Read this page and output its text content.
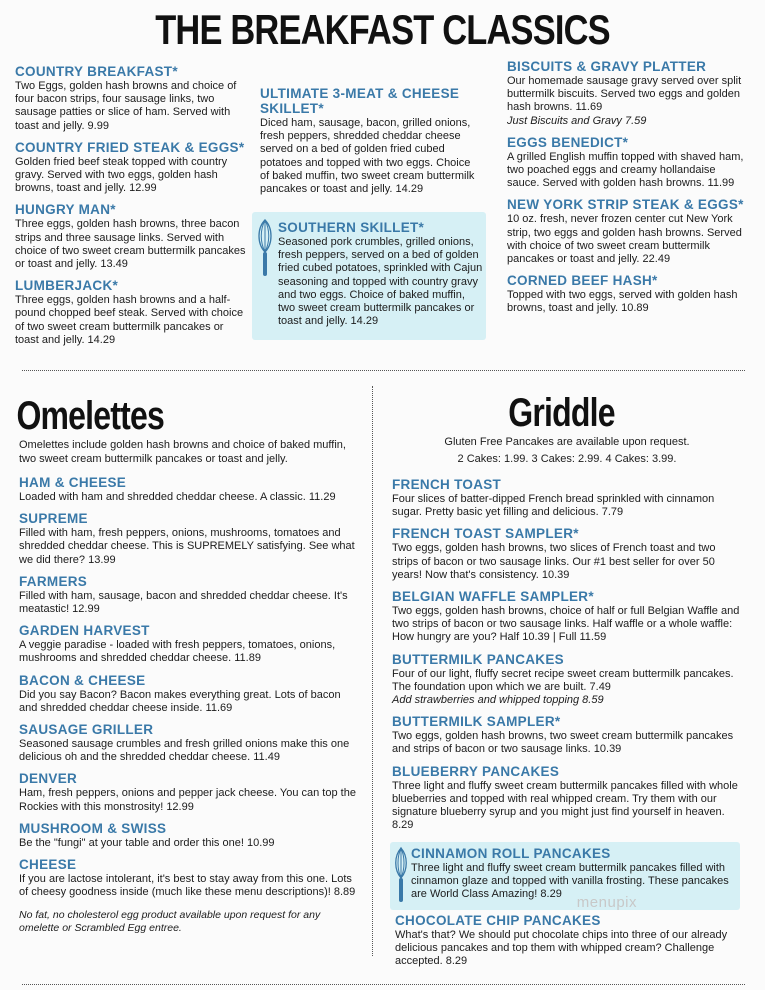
THE BREAKFAST CLASSICS
COUNTRY BREAKFAST*
Two Eggs, golden hash browns and choice of four bacon strips, four sausage links, two sausage patties or slice of ham. Served with toast and jelly. 9.99
COUNTRY FRIED STEAK & EGGS*
Golden fried beef steak topped with country gravy. Served with two eggs, golden hash browns, toast and jelly. 12.99
HUNGRY MAN*
Three eggs, golden hash browns, three bacon strips and three sausage links. Served with choice of two sweet cream buttermilk pancakes or toast and jelly. 13.49
LUMBERJACK*
Three eggs, golden hash browns and a half-pound chopped beef steak. Served with choice of two sweet cream buttermilk pancakes or toast and jelly. 14.29
ULTIMATE 3-MEAT & CHEESE SKILLET*
Diced ham, sausage, bacon, grilled onions, fresh peppers, shredded cheddar cheese served on a bed of golden fried cubed potatoes and topped with two eggs. Choice of baked muffin, two sweet cream buttermilk pancakes or toast and jelly. 14.29
SOUTHERN SKILLET*
Seasoned pork crumbles, grilled onions, fresh peppers, served on a bed of golden fried cubed potatoes, sprinkled with Cajun seasoning and topped with country gravy and two eggs. Choice of baked muffin, two sweet cream buttermilk pancakes or toast and jelly. 14.29
BISCUITS & GRAVY PLATTER
Our homemade sausage gravy served over split buttermilk biscuits. Served two eggs and golden hash browns. 11.69
Just Biscuits and Gravy 7.59
EGGS BENEDICT*
A grilled English muffin topped with shaved ham, two poached eggs and creamy hollandaise sauce. Served with golden hash browns. 11.99
NEW YORK STRIP STEAK & EGGS*
10 oz. fresh, never frozen center cut New York strip, two eggs and golden hash browns. Served with choice of two sweet cream buttermilk pancakes or toast and jelly. 22.49
CORNED BEEF HASH*
Topped with two eggs, served with golden hash browns, toast and jelly. 10.89
Omelettes
Omelettes include golden hash browns and choice of baked muffin, two sweet cream buttermilk pancakes or toast and jelly.
HAM & CHEESE
Loaded with ham and shredded cheddar cheese. A classic. 11.29
SUPREME
Filled with ham, fresh peppers, onions, mushrooms, tomatoes and shredded cheddar cheese. This is SUPREMELY satisfying. See what we did there? 13.99
FARMERS
Filled with ham, sausage, bacon and shredded cheddar cheese. It's meatastic! 12.99
GARDEN HARVEST
A veggie paradise - loaded with fresh peppers, tomatoes, onions, mushrooms and shredded cheddar cheese. 11.89
BACON & CHEESE
Did you say Bacon? Bacon makes everything great. Lots of bacon and shredded cheddar cheese inside. 11.69
SAUSAGE GRILLER
Seasoned sausage crumbles and fresh grilled onions make this one delicious oh and the shredded cheddar cheese. 11.49
DENVER
Ham, fresh peppers, onions and pepper jack cheese. You can top the Rockies with this monstrosity! 12.99
MUSHROOM & SWISS
Be the "fungi" at your table and order this one! 10.99
CHEESE
If you are lactose intolerant, it's best to stay away from this one. Lots of cheesy goodness inside (much like these menu descriptions)! 8.89
No fat, no cholesterol egg product available upon request for any omelette or Scrambled Egg entree.
Griddle
Gluten Free Pancakes are available upon request.
2 Cakes: 1.99. 3 Cakes: 2.99. 4 Cakes: 3.99.
FRENCH TOAST
Four slices of batter-dipped French bread sprinkled with cinnamon sugar. Pretty basic yet filling and delicious. 7.79
FRENCH TOAST SAMPLER*
Two eggs, golden hash browns, two slices of French toast and two strips of bacon or two sausage links. Our #1 best seller for over 50 years! Now that's consistency. 10.39
BELGIAN WAFFLE SAMPLER*
Two eggs, golden hash browns, choice of half or full Belgian Waffle and two strips of bacon or two sausage links. Half waffle or a whole waffle: How hungry are you? Half 10.39 | Full 11.59
BUTTERMILK PANCAKES
Four of our light, fluffy secret recipe sweet cream buttermilk pancakes. The foundation upon which we are built. 7.49
Add strawberries and whipped topping 8.59
BUTTERMILK SAMPLER*
Two eggs, golden hash browns, two sweet cream buttermilk pancakes and strips of bacon or two sausage links. 10.39
BLUEBERRY PANCAKES
Three light and fluffy sweet cream buttermilk pancakes filled with whole blueberries and topped with real whipped cream. Try them with our signature blueberry syrup and you might just find yourself in heaven. 8.29
CINNAMON ROLL PANCAKES
Three light and fluffy sweet cream buttermilk pancakes filled with cinnamon glaze and topped with vanilla frosting. These pancakes are World Class Amazing! 8.29
CHOCOLATE CHIP PANCAKES
What's that? We should put chocolate chips into three of our already delicious pancakes and top them with whipped cream? Challenge accepted. 8.29
menupix
